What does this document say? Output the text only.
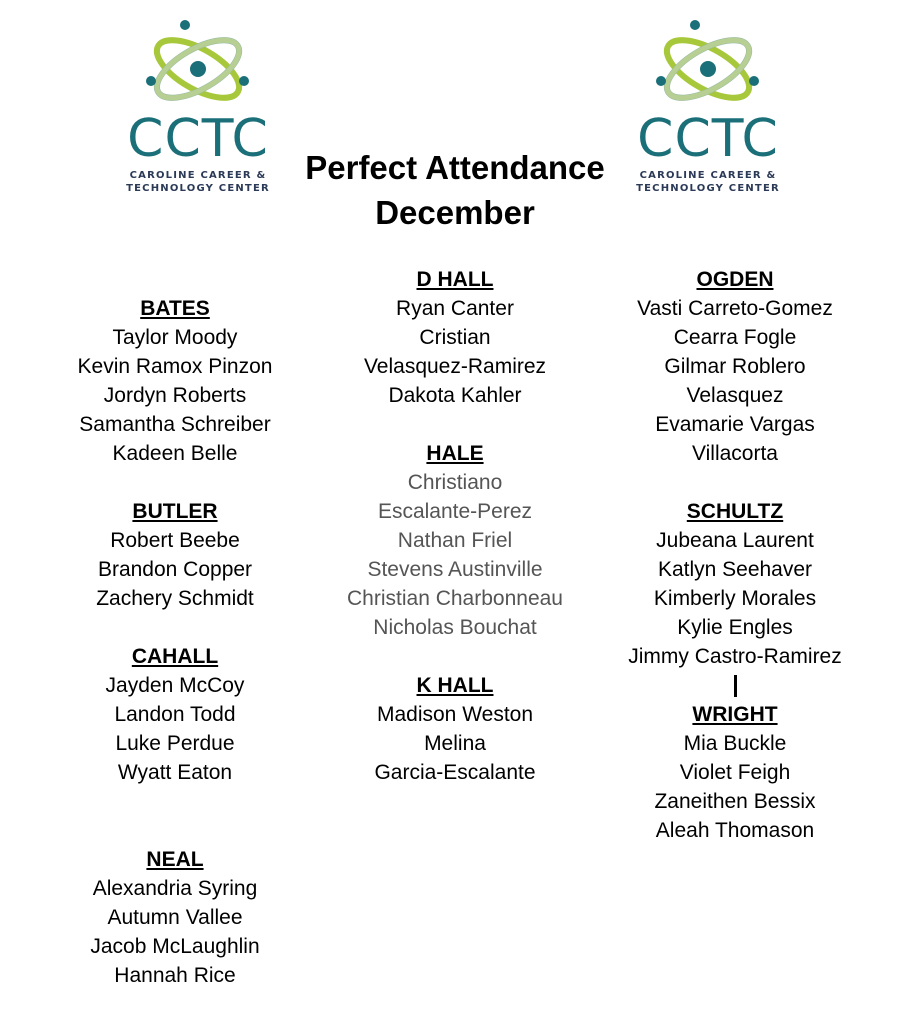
CCTC
CAROLINE CAREER &
TECHNOLOGY CENTER
CCTC
CAROLINE CAREER &
TECHNOLOGY CENTER
Perfect Attendance
December
BATES
Taylor Moody
Kevin Ramox Pinzon
Jordyn Roberts
Samantha Schreiber
Kadeen Belle
BUTLER
Robert Beebe
Brandon Copper
Zachery Schmidt
CAHALL
Jayden McCoy
Landon Todd
Luke Perdue
Wyatt Eaton
NEAL
Alexandria Syring
Autumn Vallee
Jacob McLaughlin
Hannah Rice
D HALL
Ryan Canter
Cristian
Velasquez-Ramirez
Dakota Kahler
HALE
Christiano
Escalante-Perez
Nathan Friel
Stevens Austinville
Christian Charbonneau
Nicholas Bouchat
K HALL
Madison Weston
Melina
Garcia-Escalante
OGDEN
Vasti Carreto-Gomez
Cearra Fogle
Gilmar Roblero
Velasquez
Evamarie Vargas
Villacorta
SCHULTZ
Jubeana Laurent
Katlyn Seehaver
Kimberly Morales
Kylie Engles
Jimmy Castro-Ramirez
WRIGHT
Mia Buckle
Violet Feigh
Zaneithen Bessix
Aleah Thomason
